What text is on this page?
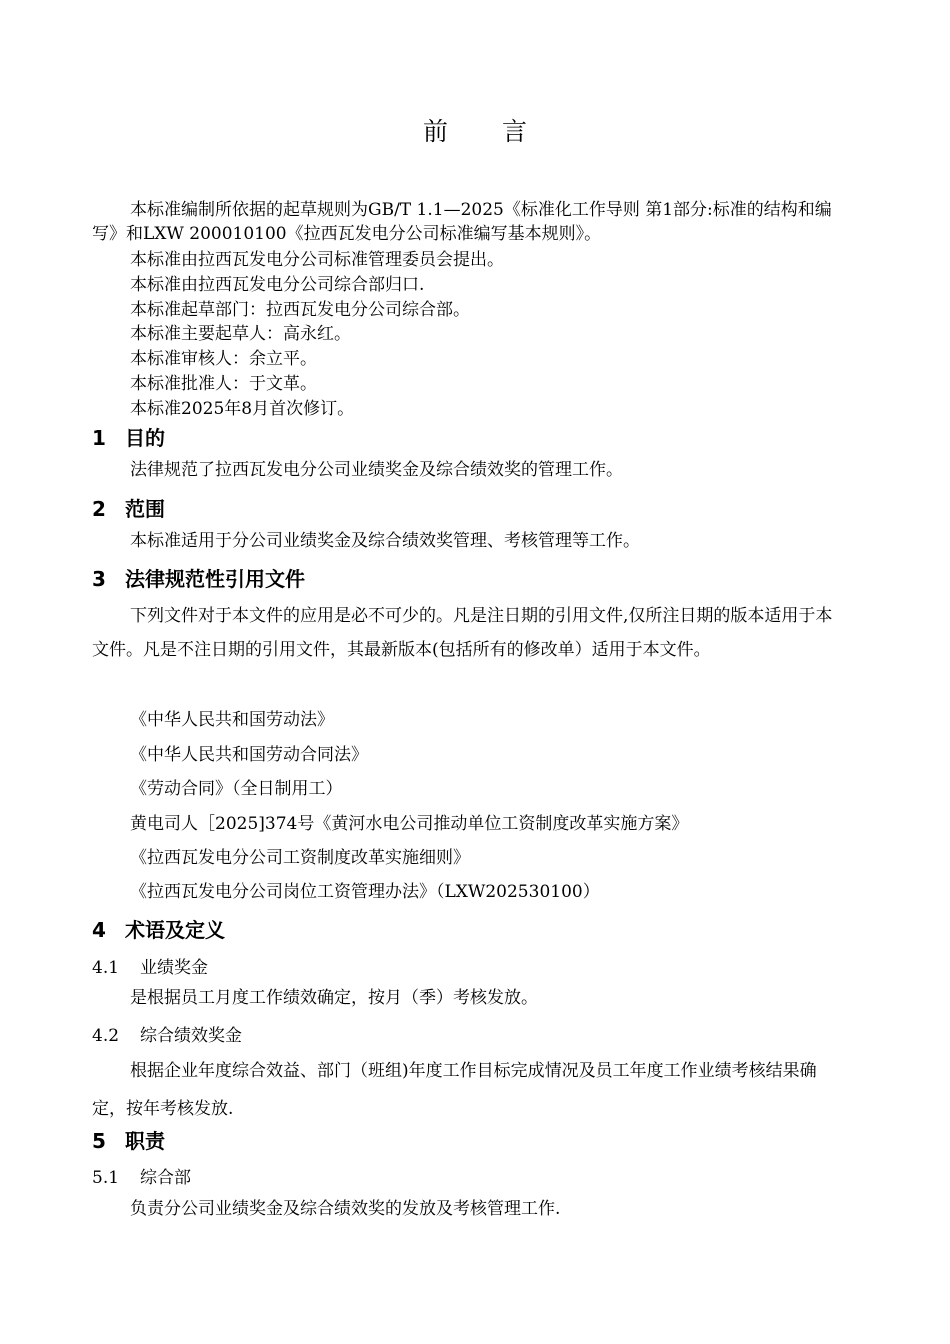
前言
本标准编制所依据的起草规则为GB/T 1.1—2025《标准化工作导则 第1部分:标准的结构和编写》和LXW 200010100《拉西瓦发电分公司标准编写基本规则》。
本标准由拉西瓦发电分公司标准管理委员会提出。
本标准由拉西瓦发电分公司综合部归口.
本标准起草部门：拉西瓦发电分公司综合部。
本标准主要起草人：高永红。
本标准审核人：余立平。
本标准批准人：于文革。
本标准2025年8月首次修订。
1 目的
法律规范了拉西瓦发电分公司业绩奖金及综合绩效奖的管理工作。
2 范围
本标准适用于分公司业绩奖金及综合绩效奖管理、考核管理等工作。
3 法律规范性引用文件
下列文件对于本文件的应用是必不可少的。凡是注日期的引用文件,仅所注日期的版本适用于本文件。凡是不注日期的引用文件，其最新版本(包括所有的修改单）适用于本文件。
《中华人民共和国劳动法》
《中华人民共和国劳动合同法》
《劳动合同》（全日制用工）
黄电司人［2025]374号《黄河水电公司推动单位工资制度改革实施方案》
《拉西瓦发电分公司工资制度改革实施细则》
《拉西瓦发电分公司岗位工资管理办法》（LXW202530100）
4 术语及定义
4.1 业绩奖金
是根据员工月度工作绩效确定，按月（季）考核发放。
4.2 综合绩效奖金
根据企业年度综合效益、部门（班组)年度工作目标完成情况及员工年度工作业绩考核结果确定，按年考核发放.
5 职责
5.1 综合部
负责分公司业绩奖金及综合绩效奖的发放及考核管理工作.
